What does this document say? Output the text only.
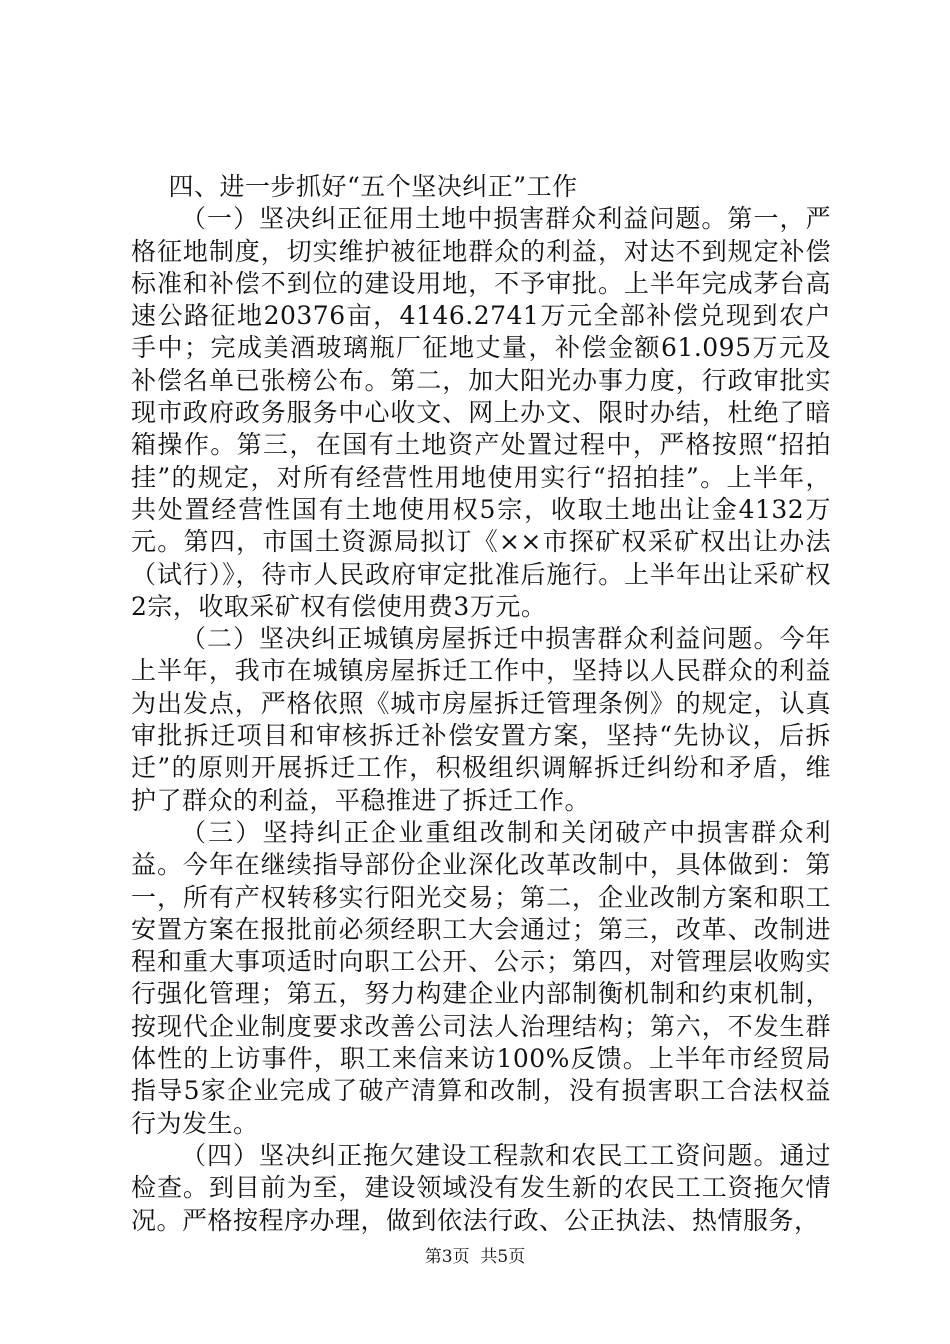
四、进一步抓好“五个坚决纠正”工作

（一）坚决纠正征用土地中损害群众利益问题。第一，严格征地制度，切实维护被征地群众的利益，对达不到规定补偿标准和补偿不到位的建设用地，不予审批。上半年完成茅台高速公路征地20376亩，4146.2741万元全部补偿兑现到农户手中；完成美酒玻璃瓶厂征地丈量，补偿金额61.095万元及补偿名单已张榜公布。第二，加大阳光办事力度，行政审批实现市政府政务服务中心收文、网上办文、限时办结，杜绝了暗箱操作。第三，在国有土地资产处置过程中，严格按照“招拍挂”的规定，对所有经营性用地使用实行“招拍挂”。上半年，共处置经营性国有土地使用权5宗，收取土地出让金4132万元。第四，市国土资源局拟订《××市探矿权采矿权出让办法（试行）》，待市人民政府审定批准后施行。上半年出让采矿权2宗，收取采矿权有偿使用费3万元。

（二）坚决纠正城镇房屋拆迁中损害群众利益问题。今年上半年，我市在城镇房屋拆迁工作中，坚持以人民群众的利益为出发点，严格依照《城市房屋拆迁管理条例》的规定，认真审批拆迁项目和审核拆迁补偿安置方案，坚持“先协议，后拆迁”的原则开展拆迁工作，积极组织调解拆迁纠纷和矛盾，维护了群众的利益，平稳推进了拆迁工作。

（三）坚持纠正企业重组改制和关闭破产中损害群众利益。今年在继续指导部份企业深化改革改制中，具体做到：第一，所有产权转移实行阳光交易；第二，企业改制方案和职工安置方案在报批前必须经职工大会通过；第三，改革、改制进程和重大事项适时向职工公开、公示；第四，对管理层收购实行强化管理；第五，努力构建企业内部制衡机制和约束机制，按现代企业制度要求改善公司法人治理结构；第六，不发生群体性的上访事件，职工来信来访100%反馈。上半年市经贸局指导5家企业完成了破产清算和改制，没有损害职工合法权益行为发生。

（四）坚决纠正拖欠建设工程款和农民工工资问题。通过检查。到目前为至，建设领域没有发生新的农民工工资拖欠情况。严格按程序办理，做到依法行政、公正执法、热情服务，

第3页  共5页
